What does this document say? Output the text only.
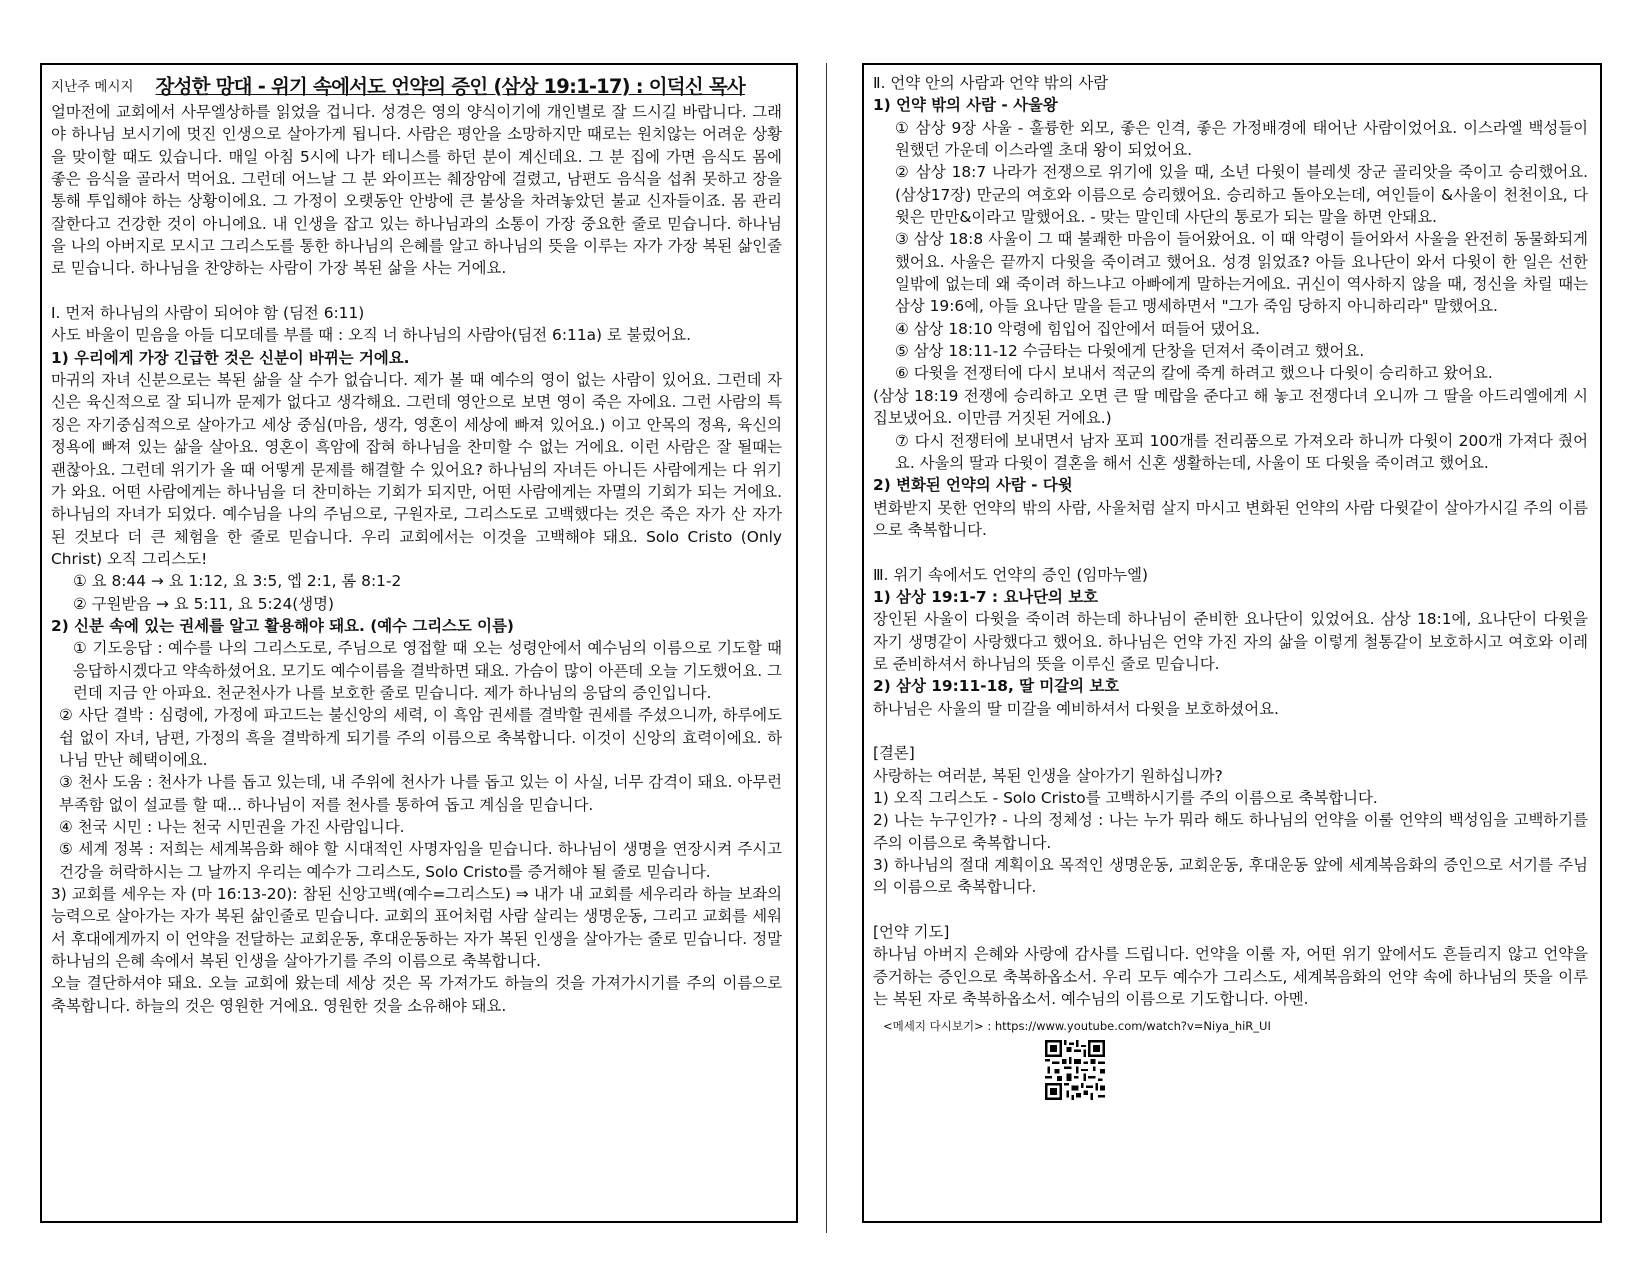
지난주 메시지 장성한 망대 - 위기 속에서도 언약의 증인 (삼상 19:1-17) : 이덕신 목사

얼마전에 교회에서 사무엘상하를 읽었을 겁니다. 성경은 영의 양식이기에 개인별로 잘 드시길 바랍니다. 그래야 하나님 보시기에 멋진 인생으로 살아가게 됩니다. 사람은 평안을 소망하지만 때로는 원치않는 어려운 상황을 맞이할 때도 있습니다. 매일 아침 5시에 나가 테니스를 하던 분이 계신데요. 그 분 집에 가면 음식도 몸에 좋은 음식을 골라서 먹어요. 그런데 어느날 그 분 와이프는 췌장암에 걸렸고, 남편도 음식을 섭취 못하고 장을 통해 투입해야 하는 상황이에요. 그 가정이 오랫동안 안방에 큰 불상을 차려놓았던 불교 신자들이죠. 몸 관리 잘한다고 건강한 것이 아니에요. 내 인생을 잡고 있는 하나님과의 소통이 가장 중요한 줄로 믿습니다. 하나님을 나의 아버지로 모시고 그리스도를 통한 하나님의 은혜를 알고 하나님의 뜻을 이루는 자가 가장 복된 삶인줄로 믿습니다. 하나님을 찬양하는 사람이 가장 복된 삶을 사는 거에요.

Ⅰ. 먼저 하나님의 사람이 되어야 함 (딤전 6:11)

사도 바울이 믿음을 아들 디모데를 부를 때 : 오직 너 하나님의 사람아(딤전 6:11a) 로 불렀어요.

1) 우리에게 가장 긴급한 것은 신분이 바뀌는 거에요.

마귀의 자녀 신분으로는 복된 삶을 살 수가 없습니다. 제가 볼 때 예수의 영이 없는 사람이 있어요. 그런데 자신은 육신적으로 잘 되니까 문제가 없다고 생각해요. 그런데 영안으로 보면 영이 죽은 자에요. 그런 사람의 특징은 자기중심적으로 살아가고 세상 중심(마음, 생각, 영혼이 세상에 빠져 있어요.) 이고 안목의 정욕, 육신의 정욕에 빠져 있는 삶을 살아요. 영혼이 흑암에 잡혀 하나님을 찬미할 수 없는 거에요. 이런 사람은 잘 될때는 괜찮아요. 그런데 위기가 올 때 어떻게 문제를 해결할 수 있어요? 하나님의 자녀든 아니든 사람에게는 다 위기가 와요. 어떤 사람에게는 하나님을 더 찬미하는 기회가 되지만, 어떤 사람에게는 자멸의 기회가 되는 거에요. 하나님의 자녀가 되었다. 예수님을 나의 주님으로, 구원자로, 그리스도로 고백했다는 것은 죽은 자가 산 자가 된 것보다 더 큰 체험을 한 줄로 믿습니다. 우리 교회에서는 이것을 고백해야 돼요. Solo Cristo (Only Christ) 오직 그리스도!

① 요 8:44 → 요 1:12, 요 3:5, 엡 2:1, 롬 8:1-2

② 구원받음 → 요 5:11, 요 5:24(생명)

2) 신분 속에 있는 권세를 알고 활용해야 돼요. (예수 그리스도 이름)

① 기도응답 : 예수를 나의 그리스도로, 주님으로 영접할 때 오는 성령안에서 예수님의 이름으로 기도할 때 응답하시겠다고 약속하셨어요. 모기도 예수이름을 결박하면 돼요. 가슴이 많이 아픈데 오늘 기도했어요. 그런데 지금 안 아파요. 천군천사가 나를 보호한 줄로 믿습니다. 제가 하나님의 응답의 증인입니다.

② 사단 결박 : 심령에, 가정에 파고드는 불신앙의 세력, 이 흑암 권세를 결박할 권세를 주셨으니까, 하루에도 쉽 없이 자녀, 남편, 가정의 흑을 결박하게 되기를 주의 이름으로 축복합니다. 이것이 신앙의 효력이에요. 하나님 만난 혜택이에요.

③ 천사 도움 : 천사가 나를 돕고 있는데, 내 주위에 천사가 나를 돕고 있는 이 사실, 너무 감격이 돼요. 아무런 부족함 없이 설교를 할 때... 하나님이 저를 천사를 통하여 돕고 계심을 믿습니다.

④ 천국 시민 : 나는 천국 시민권을 가진 사람입니다.

⑤ 세계 정복 : 저희는 세계복음화 해야 할 시대적인 사명자임을 믿습니다. 하나님이 생명을 연장시켜 주시고 건강을 허락하시는 그 날까지 우리는 예수가 그리스도, Solo Cristo를 증거해야 될 줄로 믿습니다.

3) 교회를 세우는 자 (마 16:13-20): 참된 신앙고백(예수=그리스도) ⇒ 내가 내 교회를 세우리라 하늘 보좌의 능력으로 살아가는 자가 복된 삶인줄로 믿습니다. 교회의 표어처럼 사람 살리는 생명운동, 그리고 교회를 세워서 후대에게까지 이 언약을 전달하는 교회운동, 후대운동하는 자가 복된 인생을 살아가는 줄로 믿습니다. 정말 하나님의 은혜 속에서 복된 인생을 살아가기를 주의 이름으로 축복합니다.

오늘 결단하셔야 돼요. 오늘 교회에 왔는데 세상 것은 목 가져가도 하늘의 것을 가져가시기를 주의 이름으로 축복합니다. 하늘의 것은 영원한 거에요. 영원한 것을 소유해야 돼요.

Ⅱ. 언약 안의 사람과 언약 밖의 사람

1) 언약 밖의 사람 - 사울왕

① 삼상 9장 사울 - 훌륭한 외모, 좋은 인격, 좋은 가정배경에 태어난 사람이었어요. 이스라엘 백성들이 원했던 가운데 이스라엘 초대 왕이 되었어요.

② 삼상 18:7 나라가 전쟁으로 위기에 있을 때, 소년 다윗이 블레셋 장군 골리앗을 죽이고 승리했어요.(삼상17장) 만군의 여호와 이름으로 승리했어요. 승리하고 돌아오는데, 여인들이 &사울이 천천이요, 다윗은 만만&이라고 말했어요. - 맞는 말인데 사단의 통로가 되는 말을 하면 안돼요.

③ 삼상 18:8 사울이 그 때 불쾌한 마음이 들어왔어요. 이 때 악령이 들어와서 사울을 완전히 동물화되게 했어요. 사울은 끝까지 다윗을 죽이려고 했어요. 성경 읽었죠? 아들 요나단이 와서 다윗이 한 일은 선한일밖에 없는데 왜 죽이려 하느냐고 아빠에게 말하는거에요. 귀신이 역사하지 않을 때, 정신을 차릴 때는 삼상 19:6에, 아들 요나단 말을 듣고 맹세하면서 "그가 죽임 당하지 아니하리라" 말했어요.

④ 삼상 18:10 악령에 힘입어 집안에서 떠들어 댔어요.

⑤ 삼상 18:11-12 수금타는 다윗에게 단창을 던져서 죽이려고 했어요.

⑥ 다윗을 전쟁터에 다시 보내서 적군의 칼에 죽게 하려고 했으나 다윗이 승리하고 왔어요.

(삼상 18:19 전쟁에 승리하고 오면 큰 딸 메랍을 준다고 해 놓고 전쟁다녀 오니까 그 딸을 아드리엘에게 시집보냈어요. 이만큼 거짓된 거에요.)

⑦ 다시 전쟁터에 보내면서 남자 포피 100개를 전리품으로 가져오라 하니까 다윗이 200개 가져다 줬어요. 사울의 딸과 다윗이 결혼을 해서 신혼 생활하는데, 사울이 또 다윗을 죽이려고 했어요.

2) 변화된 언약의 사람 - 다윗

변화받지 못한 언약의 밖의 사람, 사울처럼 살지 마시고 변화된 언약의 사람 다윗같이 살아가시길 주의 이름으로 축복합니다.

Ⅲ. 위기 속에서도 언약의 증인 (임마누엘)

1) 삼상 19:1-7 : 요나단의 보호

장인된 사울이 다윗을 죽이려 하는데 하나님이 준비한 요나단이 있었어요. 삼상 18:1에, 요나단이 다윗을 자기 생명같이 사랑했다고 했어요. 하나님은 언약 가진 자의 삶을 이렇게 철통같이 보호하시고 여호와 이레로 준비하셔서 하나님의 뜻을 이루신 줄로 믿습니다.

2) 삼상 19:11-18, 딸 미갈의 보호

하나님은 사울의 딸 미갈을 예비하셔서 다윗을 보호하셨어요.

[결론]

사랑하는 여러분, 복된 인생을 살아가기 원하십니까?

1) 오직 그리스도 - Solo Cristo를 고백하시기를 주의 이름으로 축복합니다.

2) 나는 누구인가? - 나의 정체성 : 나는 누가 뭐라 해도 하나님의 언약을 이룰 언약의 백성임을 고백하기를 주의 이름으로 축복합니다.

3) 하나님의 절대 계획이요 목적인 생명운동, 교회운동, 후대운동 앞에 세계복음화의 증인으로 서기를 주님의 이름으로 축복합니다.

[언약 기도]

하나님 아버지 은혜와 사랑에 감사를 드립니다. 언약을 이룰 자, 어떤 위기 앞에서도 흔들리지 않고 언약을 증거하는 증인으로 축복하옵소서. 우리 모두 예수가 그리스도, 세계복음화의 언약 속에 하나님의 뜻을 이루는 복된 자로 축복하옵소서. 예수님의 이름으로 기도합니다. 아멘.

<메세지 다시보기> : https://www.youtube.com/watch?v=Niya_hiR_UI
